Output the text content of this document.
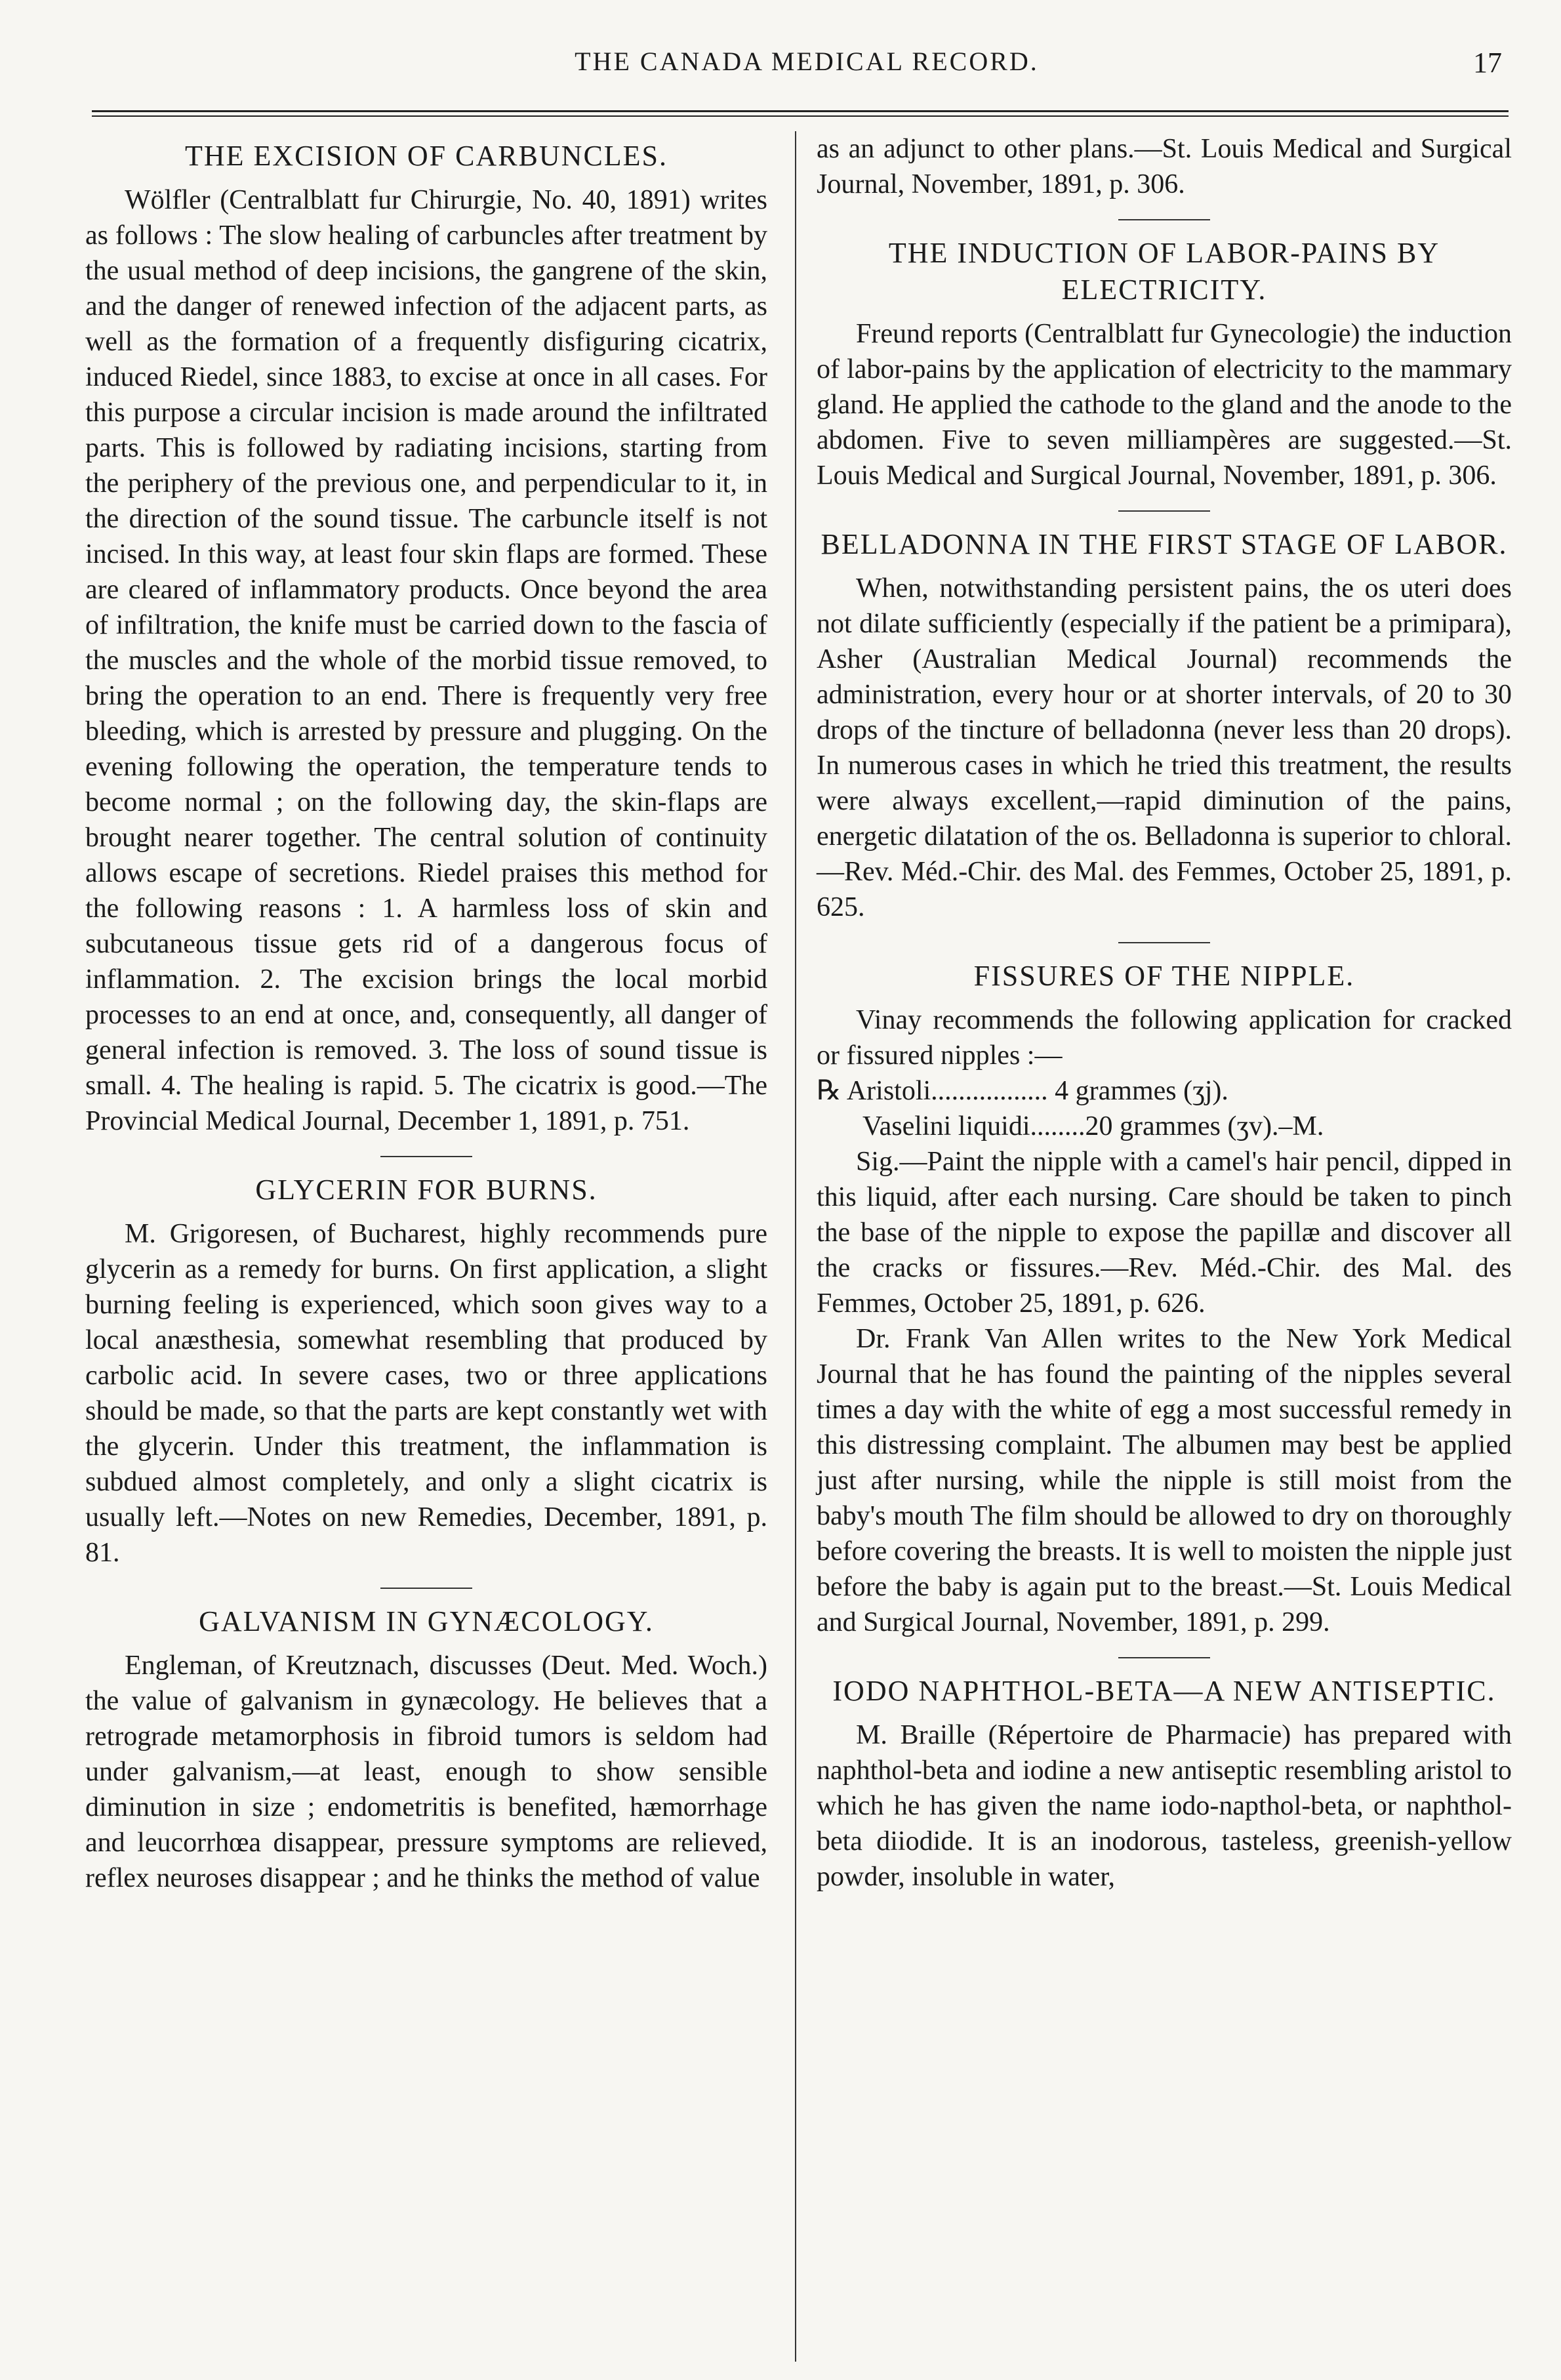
THE CANADA MEDICAL RECORD.	17
THE EXCISION OF CARBUNCLES.

Wölfler (Centralblatt fur Chirurgie, No. 40, 1891) writes as follows : The slow healing of carbuncles after treatment by the usual method of deep incisions, the gangrene of the skin, and the danger of renewed infection of the adjacent parts, as well as the formation of a frequently disfiguring cicatrix, induced Riedel, since 1883, to excise at once in all cases. For this purpose a circular incision is made around the infiltrated parts. This is followed by radiating incisions, starting from the periphery of the previous one, and perpendicular to it, in the direction of the sound tissue. The carbuncle itself is not incised. In this way, at least four skin flaps are formed. These are cleared of inflammatory products. Once beyond the area of infiltration, the knife must be carried down to the fascia of the muscles and the whole of the morbid tissue removed, to bring the operation to an end. There is frequently very free bleeding, which is arrested by pressure and plugging. On the evening following the operation, the temperature tends to become normal ; on the following day, the skin-flaps are brought nearer together. The central solution of continuity allows escape of secretions. Riedel praises this method for the following reasons : 1. A harmless loss of skin and subcutaneous tissue gets rid of a dangerous focus of inflammation. 2. The excision brings the local morbid processes to an end at once, and, consequently, all danger of general infection is removed. 3. The loss of sound tissue is small. 4. The healing is rapid. 5. The cicatrix is good.—The Provincial Medical Journal, December 1, 1891, p. 751.

GLYCERIN FOR BURNS.

M. Grigoresen, of Bucharest, highly recommends pure glycerin as a remedy for burns. On first application, a slight burning feeling is experienced, which soon gives way to a local anæsthesia, somewhat resembling that produced by carbolic acid. In severe cases, two or three applications should be made, so that the parts are kept constantly wet with the glycerin. Under this treatment, the inflammation is subdued almost completely, and only a slight cicatrix is usually left.—Notes on new Remedies, December, 1891, p. 81.

GALVANISM IN GYNÆCOLOGY.

Engleman, of Kreutznach, discusses (Deut. Med. Woch.) the value of galvanism in gynæcology. He believes that a retrograde metamorphosis in fibroid tumors is seldom had under galvanism,—at least, enough to show sensible diminution in size ; endometritis is benefited, hæmorrhage and leucorrhœa disappear, pressure symptoms are relieved, reflex neuroses disappear ; and he thinks the method of value

as an adjunct to other plans.—St. Louis Medical and Surgical Journal, November, 1891, p. 306.

THE INDUCTION OF LABOR-PAINS BY ELECTRICITY.

Freund reports (Centralblatt fur Gynecologie) the induction of labor-pains by the application of electricity to the mammary gland. He applied the cathode to the gland and the anode to the abdomen. Five to seven milliampères are suggested.—St. Louis Medical and Surgical Journal, November, 1891, p. 306.

BELLADONNA IN THE FIRST STAGE OF LABOR.

When, notwithstanding persistent pains, the os uteri does not dilate sufficiently (especially if the patient be a primipara), Asher (Australian Medical Journal) recommends the administration, every hour or at shorter intervals, of 20 to 30 drops of the tincture of belladonna (never less than 20 drops). In numerous cases in which he tried this treatment, the results were always excellent,—rapid diminution of the pains, energetic dilatation of the os. Belladonna is superior to chloral.—Rev. Méd.-Chir. des Mal. des Femmes, October 25, 1891, p. 625.

FISSURES OF THE NIPPLE.

Vinay recommends the following application for cracked or fissured nipples :—

℞ Aristoli................. 4 grammes (ʒj).
Vaselini liquidi........20 grammes (ʒv).–M.

Sig.—Paint the nipple with a camel's hair pencil, dipped in this liquid, after each nursing. Care should be taken to pinch the base of the nipple to expose the papillæ and discover all the cracks or fissures.—Rev. Méd.-Chir. des Mal. des Femmes, October 25, 1891, p. 626.

Dr. Frank Van Allen writes to the New York Medical Journal that he has found the painting of the nipples several times a day with the white of egg a most successful remedy in this distressing complaint. The albumen may best be applied just after nursing, while the nipple is still moist from the baby's mouth The film should be allowed to dry on thoroughly before covering the breasts. It is well to moisten the nipple just before the baby is again put to the breast.—St. Louis Medical and Surgical Journal, November, 1891, p. 299.

IODO NAPHTHOL-BETA—A NEW ANTISEPTIC.

M. Braille (Répertoire de Pharmacie) has prepared with naphthol-beta and iodine a new antiseptic resembling aristol to which he has given the name iodo-napthol-beta, or naphthol-beta diiodide. It is an inodorous, tasteless, greenish-yellow powder, insoluble in water,
